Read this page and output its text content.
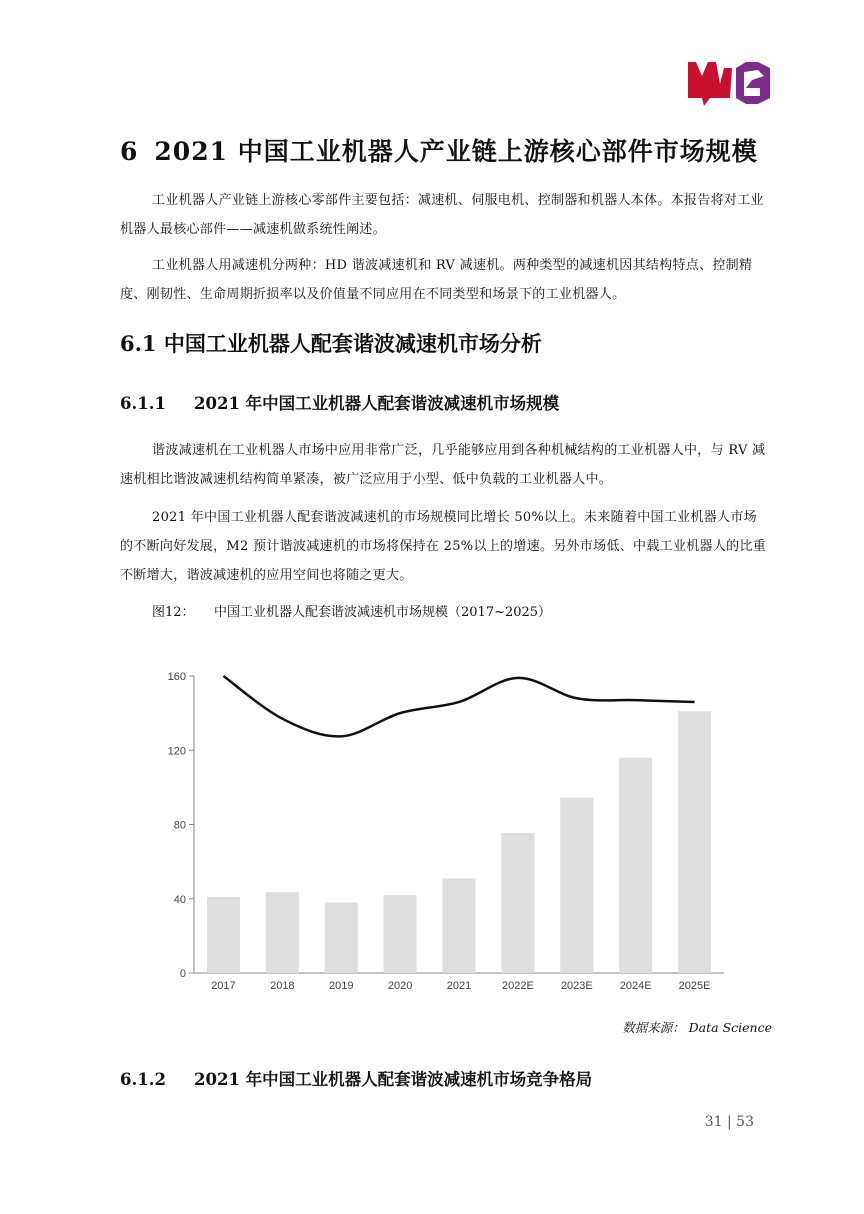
6 2021 中国工业机器人产业链上游核心部件市场规模

工业机器人产业链上游核心零部件主要包括：减速机、伺服电机、控制器和机器人本体。本报告将对工业机器人最核心部件——减速机做系统性阐述。

工业机器人用减速机分两种：HD 谐波减速机和 RV 减速机。两种类型的减速机因其结构特点、控制精度、刚韧性、生命周期折损率以及价值量不同应用在不同类型和场景下的工业机器人。

6.1 中国工业机器人配套谐波减速机市场分析
6.1.1 2021 年中国工业机器人配套谐波减速机市场规模

谐波减速机在工业机器人市场中应用非常广泛，几乎能够应用到各种机械结构的工业机器人中，与 RV 减速机相比谐波减速机结构简单紧凑，被广泛应用于小型、低中负载的工业机器人中。

2021 年中国工业机器人配套谐波减速机的市场规模同比增长 50%以上。未来随着中国工业机器人市场的不断向好发展，M2 预计谐波减速机的市场将保持在 25%以上的增速。另外市场低、中载工业机器人的比重不断增大，谐波减速机的应用空间也将随之更大。

图12： 中国工业机器人配套谐波减速机市场规模（2017~2025）
0
40
80
120
160
2017	2018	2019	2020	2021	2022E 2023E 2024E 2025E
数据来源： Data Science
6.1.2 2021 年中国工业机器人配套谐波减速机市场竞争格局
31 | 53
